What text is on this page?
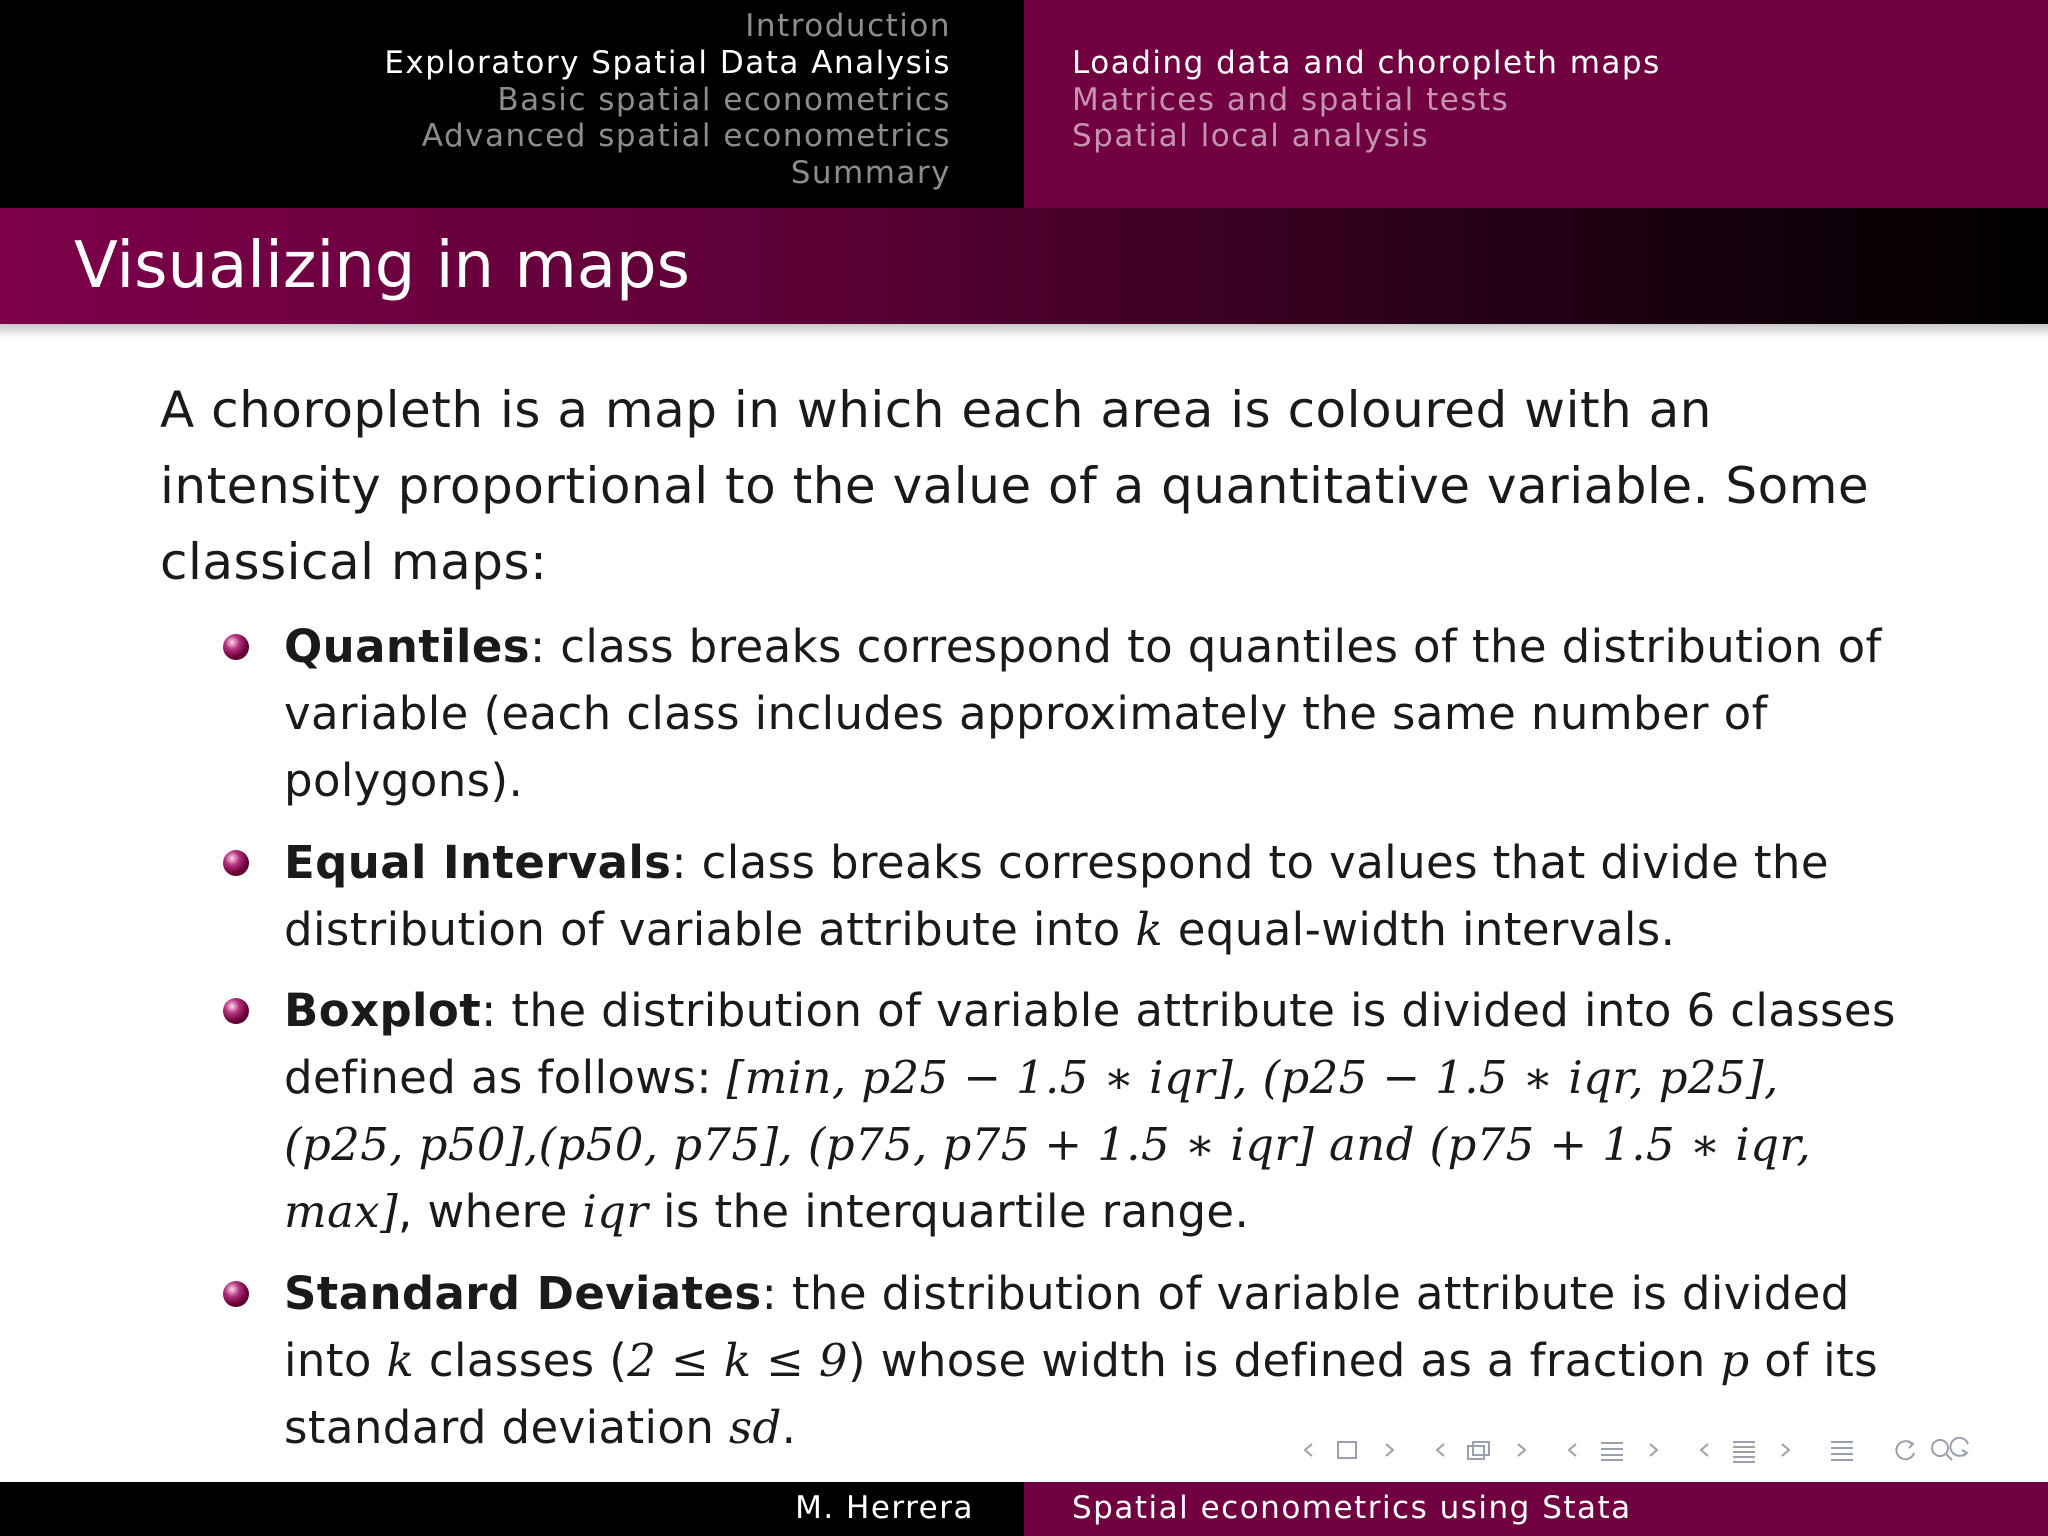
Introduction
Exploratory Spatial Data Analysis
Basic spatial econometrics
Advanced spatial econometrics
Summary
Loading data and choropleth maps
Matrices and spatial tests
Spatial local analysis
Visualizing in maps

A choropleth is a map in which each area is coloured with an intensity proportional to the value of a quantitative variable. Some classical maps:

Quantiles: class breaks correspond to quantiles of the distribution of variable (each class includes approximately the same number of polygons).
Equal Intervals: class breaks correspond to values that divide the distribution of variable attribute into k equal-width intervals.
Boxplot: the distribution of variable attribute is divided into 6 classes defined as follows: [min, p25 − 1.5 ∗ iqr], (p25 − 1.5 ∗ iqr, p25], (p25, p50],(p50, p75], (p75, p75 + 1.5 ∗ iqr] and (p75 + 1.5 ∗ iqr, max], where iqr is the interquartile range.
Standard Deviates: the distribution of variable attribute is divided into k classes (2 ≤ k ≤ 9) whose width is defined as a fraction p of its standard deviation sd.
M. Herrera	Spatial econometrics using Stata
